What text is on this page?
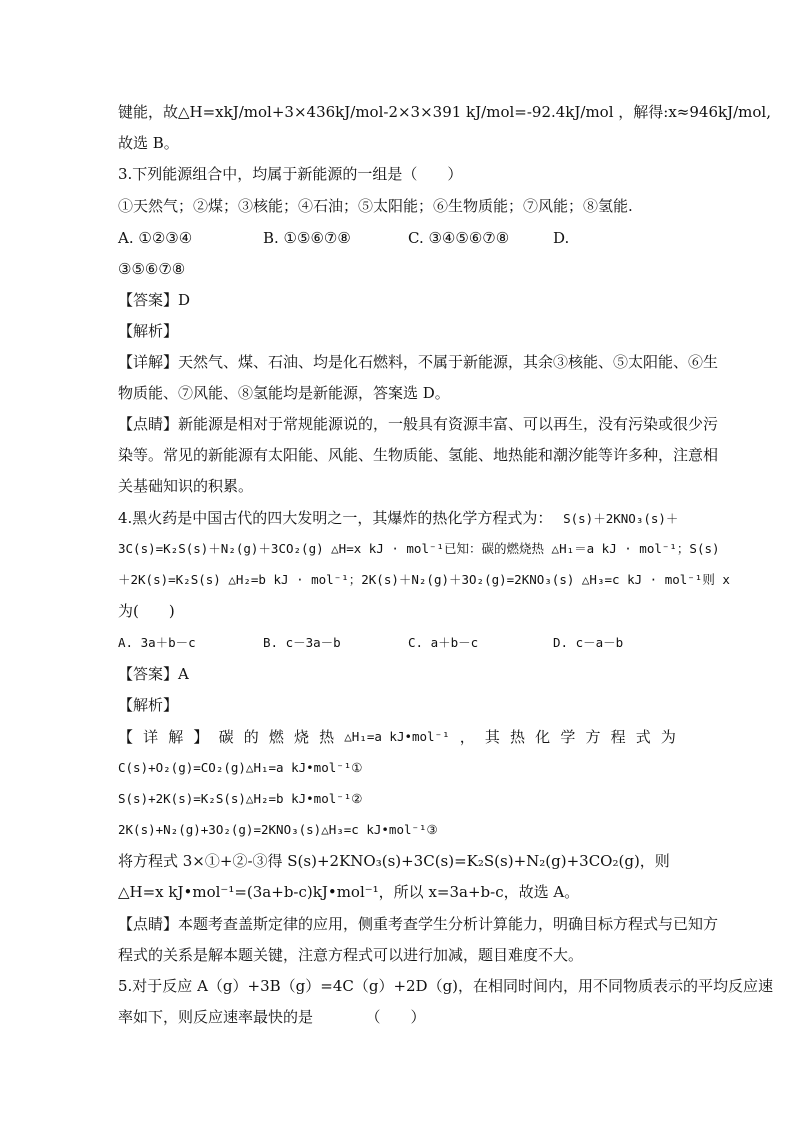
键能，故△H=xkJ/mol+3×436kJ/mol-2×3×391 kJ/mol=-92.4kJ/mol ，解得:x≈946kJ/mol,
故选 B。
3.下列能源组合中，均属于新能源的一组是（　　）
①天然气；②煤；③核能；④石油；⑤太阳能；⑥生物质能；⑦风能；⑧氢能.
A. ①②③④	B. ①⑤⑥⑦⑧	C. ③④⑤⑥⑦⑧	D.
③⑤⑥⑦⑧
【答案】D
【解析】
【详解】天然气、煤、石油、均是化石燃料，不属于新能源，其余③核能、⑤太阳能、⑥生
物质能、⑦风能、⑧氢能均是新能源，答案选 D。
【点睛】新能源是相对于常规能源说的，一般具有资源丰富、可以再生，没有污染或很少污
染等。常见的新能源有太阳能、风能、生物质能、氢能、地热能和潮汐能等许多种，注意相
关基础知识的积累。
4.黑火药是中国古代的四大发明之一，其爆炸的热化学方程式为： S(s)＋2KNO₃(s)＋
3C(s)=K₂S(s)＋N₂(g)＋3CO₂(g) △H=x kJ · mol⁻¹已知：碳的燃烧热 △H₁＝a kJ · mol⁻¹；S(s)
＋2K(s)=K₂S(s) △H₂=b kJ · mol⁻¹；2K(s)＋N₂(g)＋3O₂(g)=2KNO₃(s) △H₃=c kJ · mol⁻¹则 x
为(　　)
A. 3a＋b－c	B. c－3a－b	C. a＋b－c	D. c－a－b
【答案】A
【解析】
【 详 解 】 碳 的 燃 烧 热 △H₁=a kJ•mol⁻¹ ， 其 热 化 学 方 程 式 为
C(s)+O₂(g)=CO₂(g)△H₁=a kJ•mol⁻¹①
S(s)+2K(s)=K₂S(s)△H₂=b kJ•mol⁻¹②
2K(s)+N₂(g)+3O₂(g)=2KNO₃(s)△H₃=c kJ•mol⁻¹③
将方程式 3×①+②-③得 S(s)+2KNO₃(s)+3C(s)=K₂S(s)+N₂(g)+3CO₂(g)，则
△H=x kJ•mol⁻¹=(3a+b-c)kJ•mol⁻¹，所以 x=3a+b-c，故选 A。
【点睛】本题考查盖斯定律的应用，侧重考查学生分析计算能力，明确目标方程式与已知方
程式的关系是解本题关键，注意方程式可以进行加减，题目难度不大。
5.对于反应 A（g）+3B（g）=4C（g）+2D（g)，在相同时间内，用不同物质表示的平均反应速
率如下，则反应速率最快的是　　　　（　　）
